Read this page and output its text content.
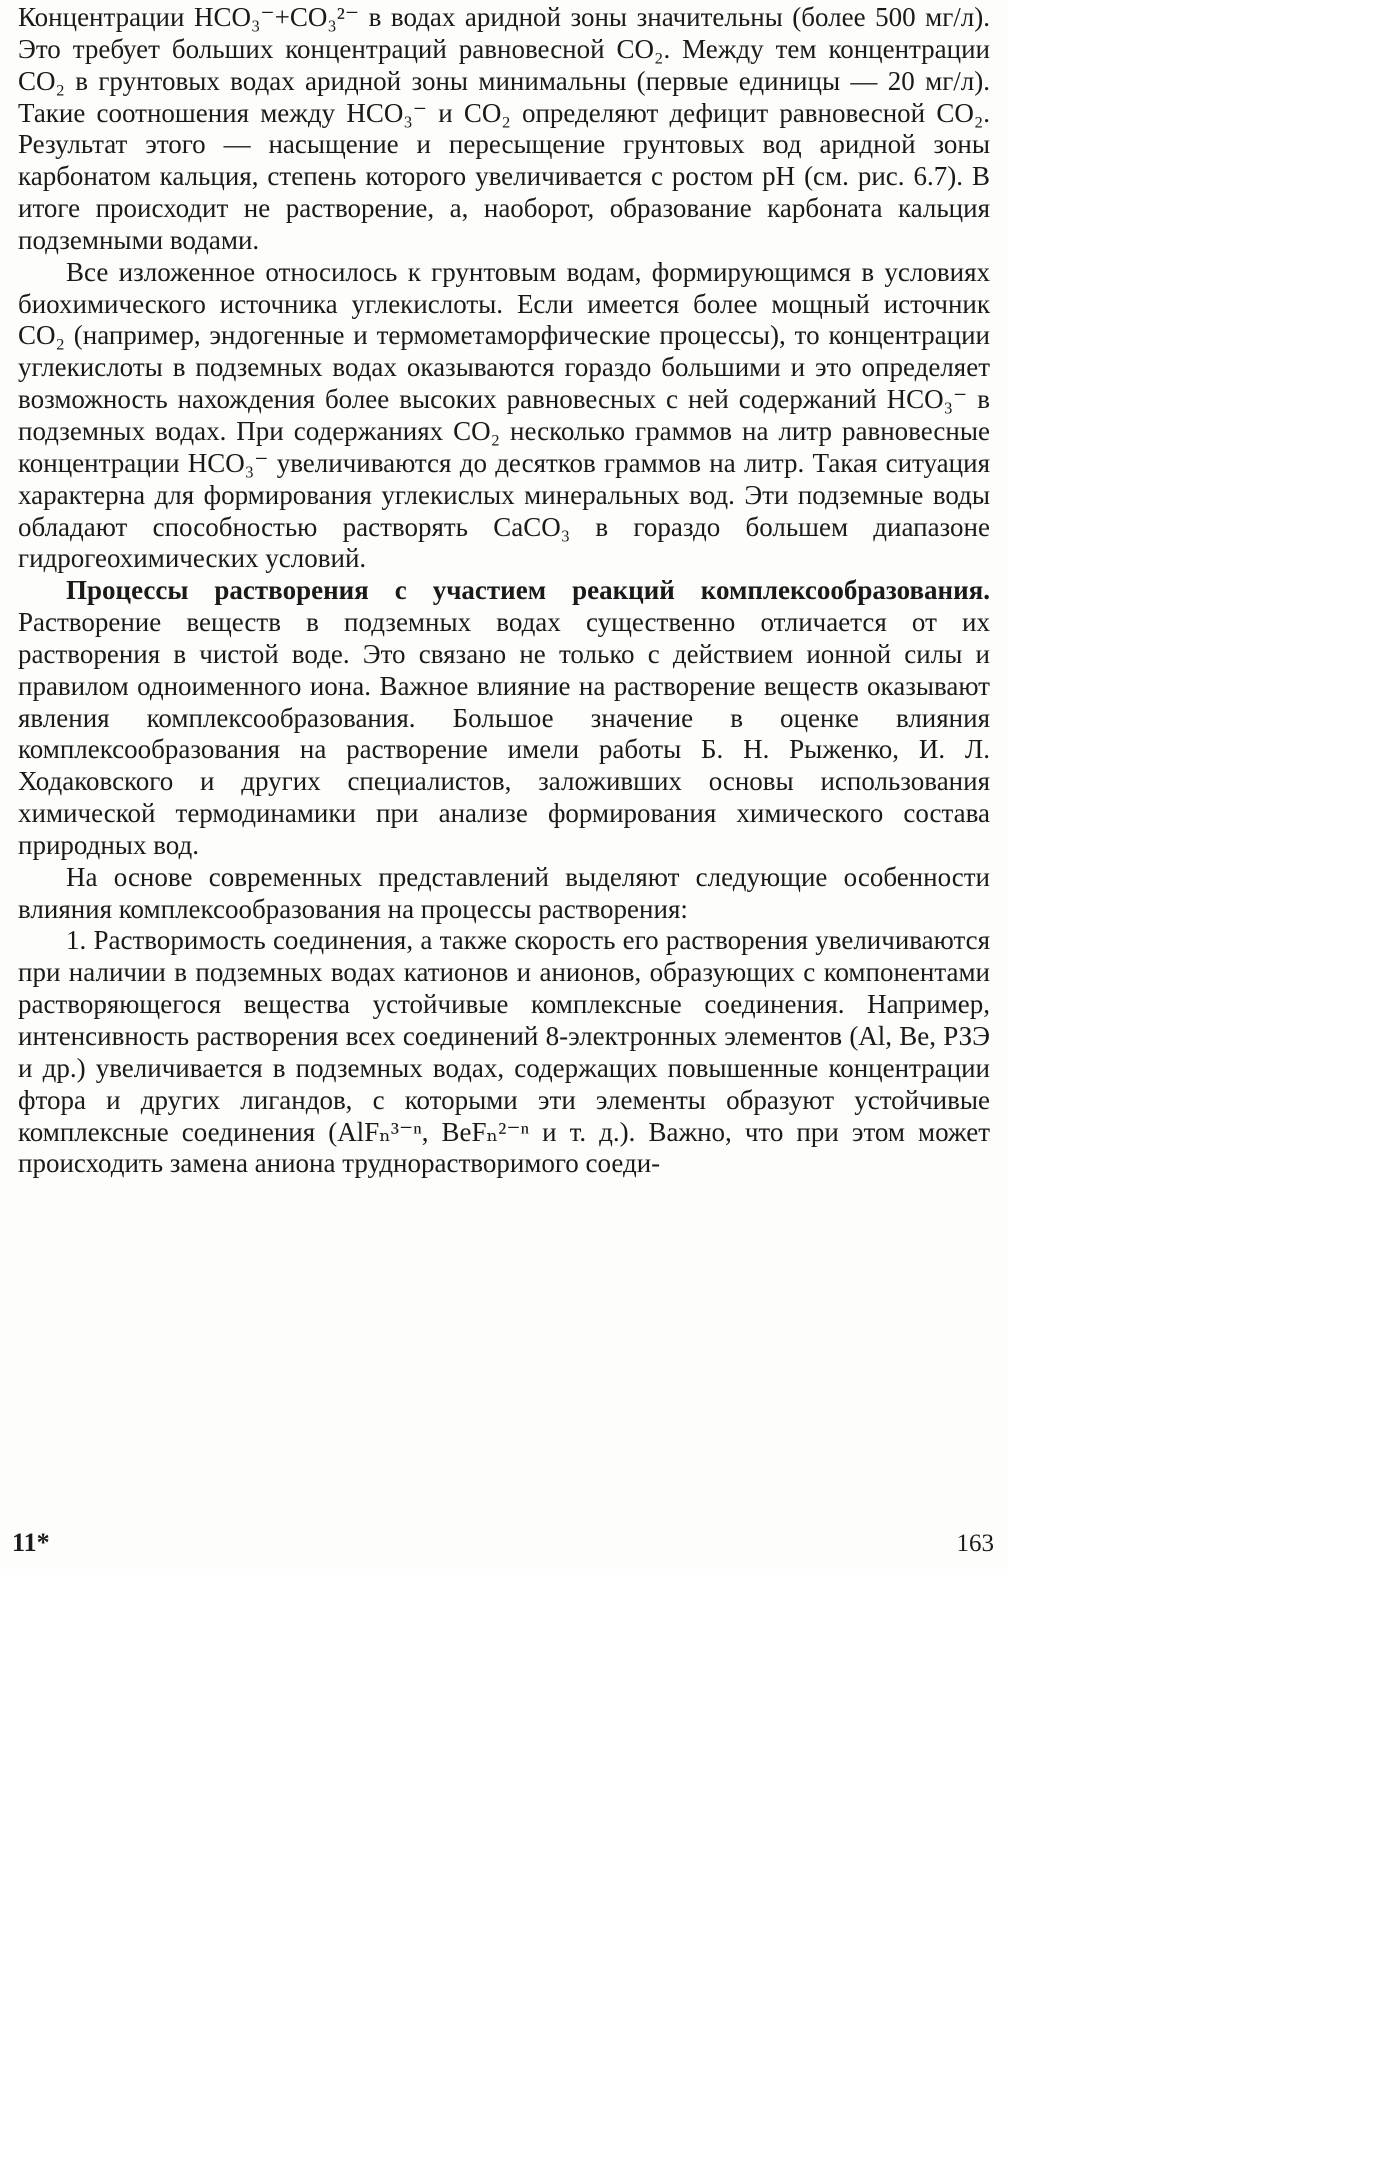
Концентрации HCO₃⁻+CO₃²⁻ в водах аридной зоны значительны (более 500 мг/л). Это требует больших концентраций равновесной CO₂. Между тем концентрации CO₂ в грунтовых водах аридной зоны минимальны (первые единицы — 20 мг/л). Такие соотношения между HCO₃⁻ и CO₂ определяют дефицит равновесной CO₂. Результат этого — насыщение и пересыщение грунтовых вод аридной зоны карбонатом кальция, степень которого увеличивается с ростом pH (см. рис. 6.7). В итоге происходит не растворение, а, наоборот, образование карбоната кальция подземными водами.

Все изложенное относилось к грунтовым водам, формирующимся в условиях биохимического источника углекислоты. Если имеется более мощный источник CO₂ (например, эндогенные и термометаморфические процессы), то концентрации углекислоты в подземных водах оказываются гораздо большими и это определяет возможность нахождения более высоких равновесных с ней содержаний HCO₃⁻ в подземных водах. При содержаниях CO₂ несколько граммов на литр равновесные концентрации HCO₃⁻ увеличиваются до десятков граммов на литр. Такая ситуация характерна для формирования углекислых минеральных вод. Эти подземные воды обладают способностью растворять CaCO₃ в гораздо большем диапазоне гидрогеохимических условий.

Процессы растворения с участием реакций комплексообразования. Растворение веществ в подземных водах существенно отличается от их растворения в чистой воде. Это связано не только с действием ионной силы и правилом одноименного иона. Важное влияние на растворение веществ оказывают явления комплексообразования. Большое значение в оценке влияния комплексообразования на растворение имели работы Б. Н. Рыженко, И. Л. Ходаковского и других специалистов, заложивших основы использования химической термодинамики при анализе формирования химического состава природных вод.

На основе современных представлений выделяют следующие особенности влияния комплексообразования на процессы растворения:

1. Растворимость соединения, а также скорость его растворения увеличиваются при наличии в подземных водах катионов и анионов, образующих с компонентами растворяющегося вещества устойчивые комплексные соединения. Например, интенсивность растворения всех соединений 8-электронных элементов (Al, Be, РЗЭ и др.) увеличивается в подземных водах, содержащих повышенные концентрации фтора и других лигандов, с которыми эти элементы образуют устойчивые комплексные соединения (AlFₙ³⁻ⁿ, BeFₙ²⁻ⁿ и т. д.). Важно, что при этом может происходить замена аниона труднорастворимого соеди-

11*	163
